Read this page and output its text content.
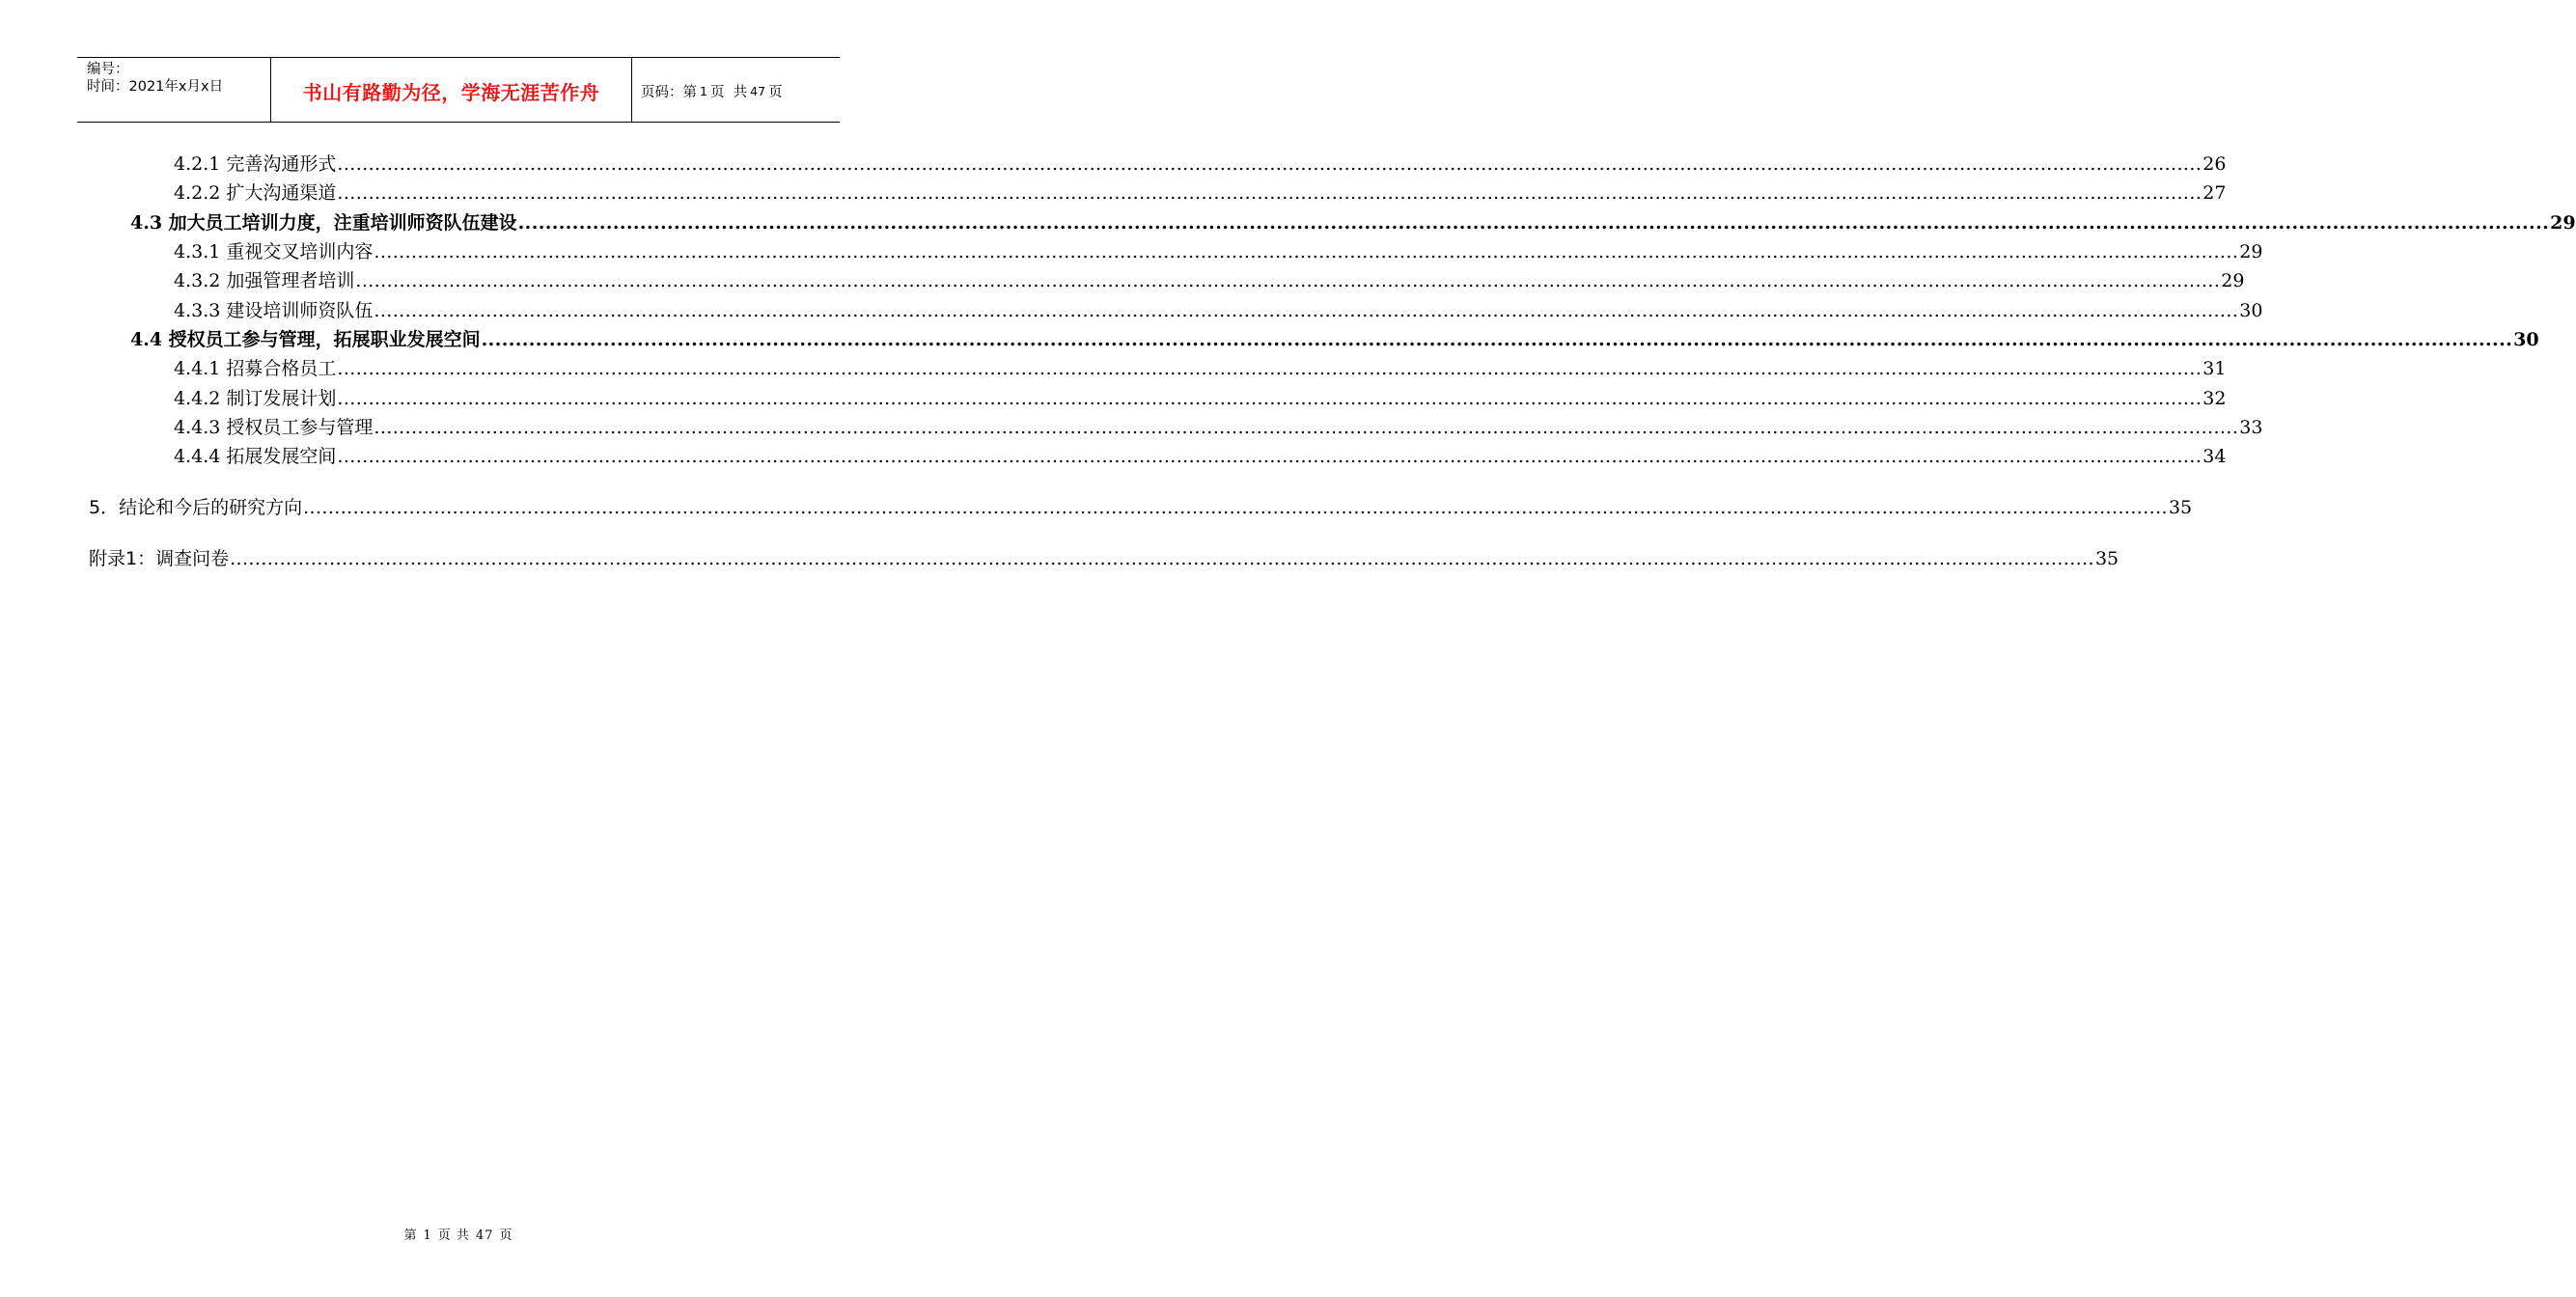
编号：
时间：2021年x月x日	书山有路勤为径，学海无涯苦作舟	页码：第 1 页  共 47 页
4.2.1 完善沟通形式 ............................................................................................................................................................................................................................................................................................................ 26
4.2.2 扩大沟通渠道 ............................................................................................................................................................................................................................................................................................................ 27
4.3 加大员工培训力度，注重培训师资队伍建设 ............................................................................................................................................................................................................................................................................................................ 29
4.3.1 重视交叉培训内容 ............................................................................................................................................................................................................................................................................................................ 29
4.3.2 加强管理者培训 ............................................................................................................................................................................................................................................................................................................ 29
4.3.3 建设培训师资队伍 ............................................................................................................................................................................................................................................................................................................ 30
4.4 授权员工参与管理，拓展职业发展空间 ............................................................................................................................................................................................................................................................................................................ 30
4.4.1 招募合格员工 ............................................................................................................................................................................................................................................................................................................ 31
4.4.2 制订发展计划 ............................................................................................................................................................................................................................................................................................................ 32
4.4.3 授权员工参与管理 ............................................................................................................................................................................................................................................................................................................ 33
4.4.4 拓展发展空间 ............................................................................................................................................................................................................................................................................................................ 34
5．结论和今后的研究方向 ............................................................................................................................................................................................................................................................................................................ 35
附录1：调查问卷 ............................................................................................................................................................................................................................................................................................................ 35
第 1 页 共 47 页
